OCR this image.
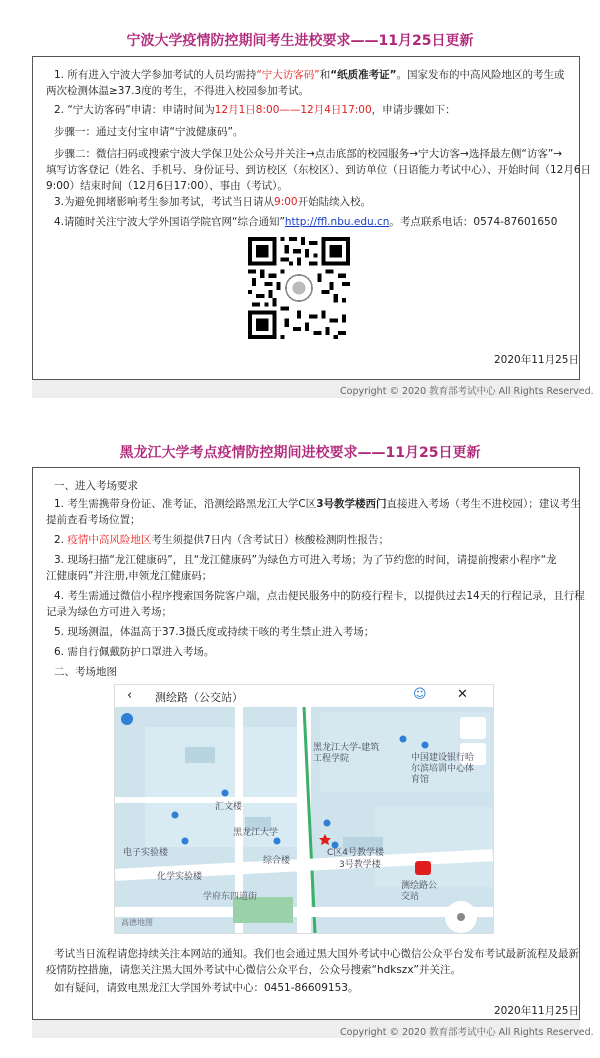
宁波大学疫情防控期间考生进校要求——11月25日更新
1. 所有进入宁波大学参加考试的人员均需持“宁大访客码”和“纸质准考证”。国家发布的中高风险地区的考生或
两次检测体温≥37.3度的考生，不得进入校园参加考试。
2. “宁大访客码”申请：申请时间为12月1日8:00——12月4日17:00，申请步骤如下：
步骤一：通过支付宝申请“宁波健康码”。
步骤二：微信扫码或搜索宁波大学保卫处公众号并关注→点击底部的校园服务→宁大访客→选择最左侧“访客”→
填写访客登记（姓名、手机号、身份证号、到访校区（东校区）、到访单位（日语能力考试中心）、开始时间（12月6日
9:00）结束时间（12月6日17:00）、事由（考试）。
3.为避免拥堵影响考生参加考试，考试当日请从9:00开始陆续入校。
4.请随时关注宁波大学外国语学院官网“综合通知”http://ffl.nbu.edu.cn。考点联系电话：0574-87601650
2020年11月25日
Copyright © 2020 教育部考试中心 All Rights Reserved.
黑龙江大学考点疫情防控期间进校要求——11月25日更新
一、进入考场要求
1. 考生需携带身份证、准考证，沿测绘路黑龙江大学C区3号教学楼西门直接进入考场（考生不进校园）；建议考生
提前查看考场位置；
2. 疫情中高风险地区考生须提供7日内（含考试日）核酸检测阴性报告；
3. 现场扫描“龙江健康码”，且“龙江健康码”为绿色方可进入考场；为了节约您的时间，请提前搜索小程序“龙
江健康码”并注册,申领龙江健康码；
4. 考生需通过微信小程序搜索国务院客户端，点击便民服务中的防疫行程卡，以提供过去14天的行程记录，且行程
记录为绿色方可进入考场；
5. 现场测温，体温高于37.3摄氏度或持续干咳的考生禁止进入考场；
6. 需自行佩戴防护口罩进入考场。
二、考场地图
‹ 测绘路（公交站）	☺ ✕
黑龙江大学-建筑工程学院	中国建设银行哈尔滨培训中心体育馆
汇文楼
黑龙江大学
电子实验楼
化学实验楼
综合楼
C区4号教学楼
3号教学楼
学府东四道街
测绘路公交站
高德地图
考试当日流程请您持续关注本网站的通知。我们也会通过黑大国外考试中心微信公众平台发布考试最新流程及最新
疫情防控措施，请您关注黑大国外考试中心微信公众平台，公众号搜索“hdkszx”并关注。
如有疑问，请致电黑龙江大学国外考试中心：0451-86609153。
2020年11月25日
Copyright © 2020 教育部考试中心 All Rights Reserved.
